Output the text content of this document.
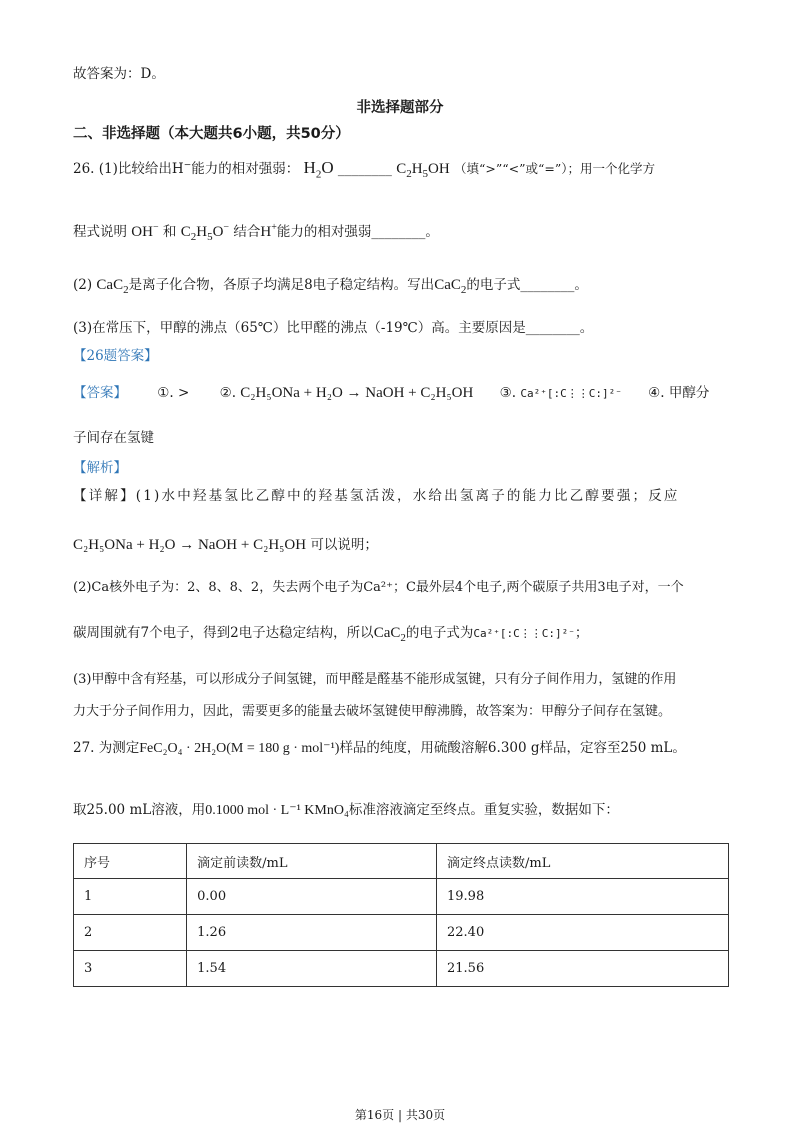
故答案为：D。
非选择题部分
二、非选择题（本大题共6小题，共50分）
26. (1)比较给出H−能力的相对强弱： $H_2O$ ________ $C_2H_5OH$ （填“>”“<”或“=”）；用一个化学方
程式说明 OH− 和 $C_2H_5O^-$ 结合H+能力的相对强弱________。
(2) CaC$_2$是离子化合物，各原子均满足8电子稳定结构。写出CaC$_2$的电子式________。
(3)在常压下，甲醇的沸点（65℃）比甲醛的沸点（-19℃）高。主要原因是________。
【26题答案】
【答案】 ①. > ②. C₂H₅ONa + H₂O → NaOH + C₂H₅OH ③. Ca²⁺[:C⋮⋮C:]²⁻ ④. 甲醇分
子间存在氢键
【解析】
【详解】(1)水中羟基氢比乙醇中的羟基氢活泼，水给出氢离子的能力比乙醇要强；反应
C₂H₅ONa + H₂O → NaOH + C₂H₅OH 可以说明；
(2)Ca核外电子为：2、8、8、2，失去两个电子为Ca²⁺；C最外层4个电子,两个碳原子共用3电子对，一个
碳周围就有7个电子，得到2电子达稳定结构，所以CaC$_2$的电子式为Ca²⁺[:C⋮⋮C:]²⁻；
(3)甲醇中含有羟基，可以形成分子间氢键，而甲醛是醛基不能形成氢键，只有分子间作用力，氢键的作用
力大于分子间作用力，因此，需要更多的能量去破坏氢键使甲醇沸腾，故答案为：甲醇分子间存在氢键。
27. 为测定FeC₂O₄ · 2H₂O(M = 180 g · mol⁻¹)样品的纯度，用硫酸溶解6.300 g样品，定容至250 mL。
取25.00 mL溶液，用0.1000 mol · L⁻¹ KMnO₄标准溶液滴定至终点。重复实验，数据如下：
序号	滴定前读数/mL	滴定终点读数/mL
1	0.00	19.98
2	1.26	22.40
3	1.54	21.56
第16页 | 共30页
